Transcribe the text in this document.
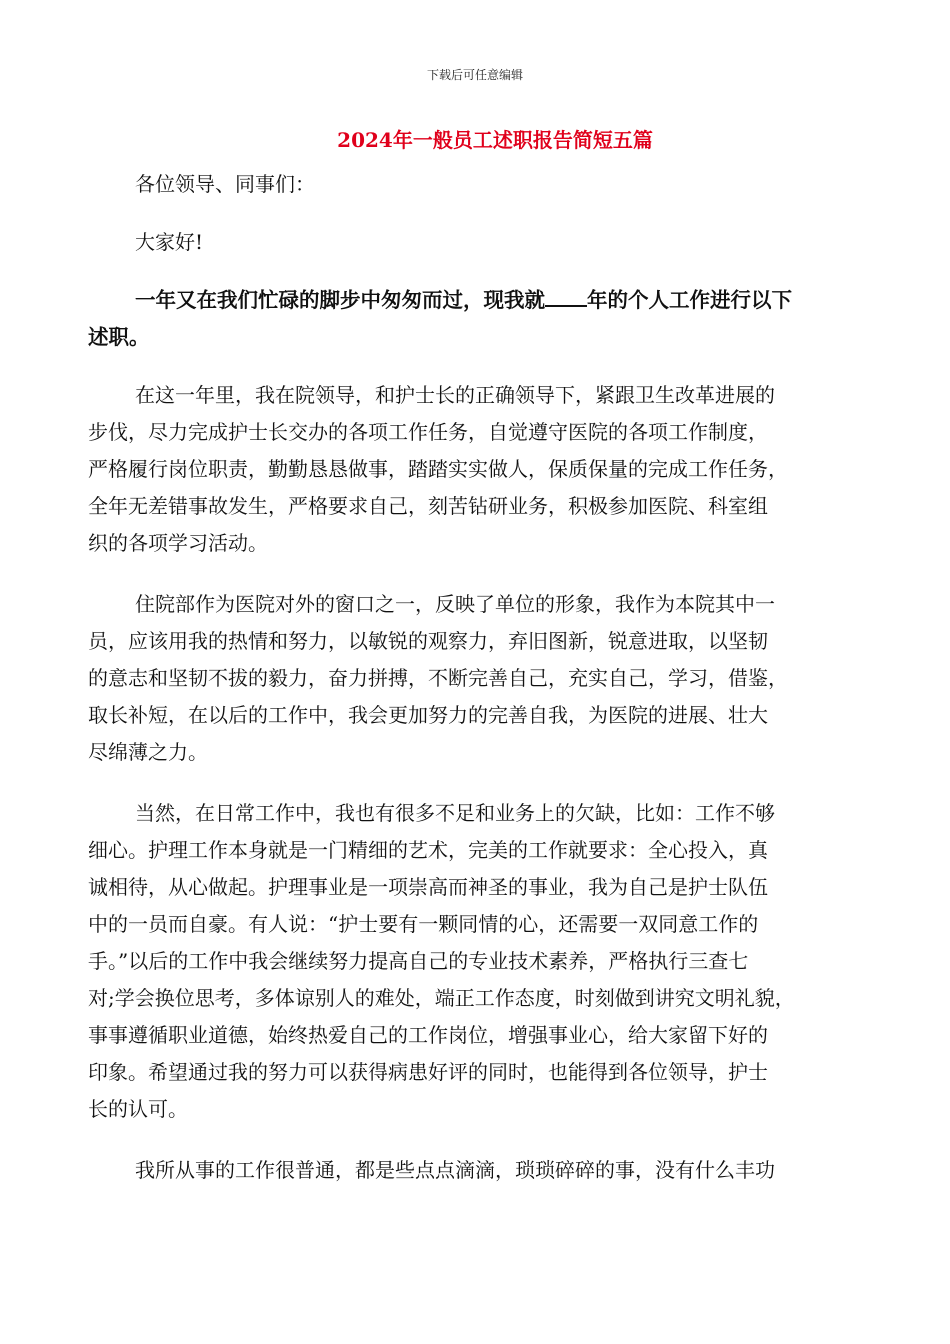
下载后可任意编辑
2024年一般员工述职报告简短五篇
各位领导、同事们：
大家好!
一年又在我们忙碌的脚步中匆匆而过，现我就 年的个人工作进行以下
述职。
在这一年里，我在院领导，和护士长的正确领导下，紧跟卫生改革进展的
步伐，尽力完成护士长交办的各项工作任务，自觉遵守医院的各项工作制度，
严格履行岗位职责，勤勤恳恳做事，踏踏实实做人，保质保量的完成工作任务，
全年无差错事故发生，严格要求自己，刻苦钻研业务，积极参加医院、科室组
织的各项学习活动。
住院部作为医院对外的窗口之一，反映了单位的形象，我作为本院其中一
员，应该用我的热情和努力，以敏锐的观察力，弃旧图新，锐意进取，以坚韧
的意志和坚韧不拔的毅力，奋力拼搏，不断完善自己，充实自己，学习，借鉴，
取长补短，在以后的工作中，我会更加努力的完善自我，为医院的进展、壮大
尽绵薄之力。
当然，在日常工作中，我也有很多不足和业务上的欠缺，比如：工作不够
细心。护理工作本身就是一门精细的艺术，完美的工作就要求：全心投入，真
诚相待，从心做起。护理事业是一项崇高而神圣的事业，我为自己是护士队伍
中的一员而自豪。有人说：“护士要有一颗同情的心，还需要一双同意工作的
手。”以后的工作中我会继续努力提高自己的专业技术素养，严格执行三查七
对;学会换位思考，多体谅别人的难处，端正工作态度，时刻做到讲究文明礼貌，
事事遵循职业道德，始终热爱自己的工作岗位，增强事业心，给大家留下好的
印象。希望通过我的努力可以获得病患好评的同时，也能得到各位领导，护士
长的认可。
我所从事的工作很普通，都是些点点滴滴，琐琐碎碎的事，没有什么丰功
